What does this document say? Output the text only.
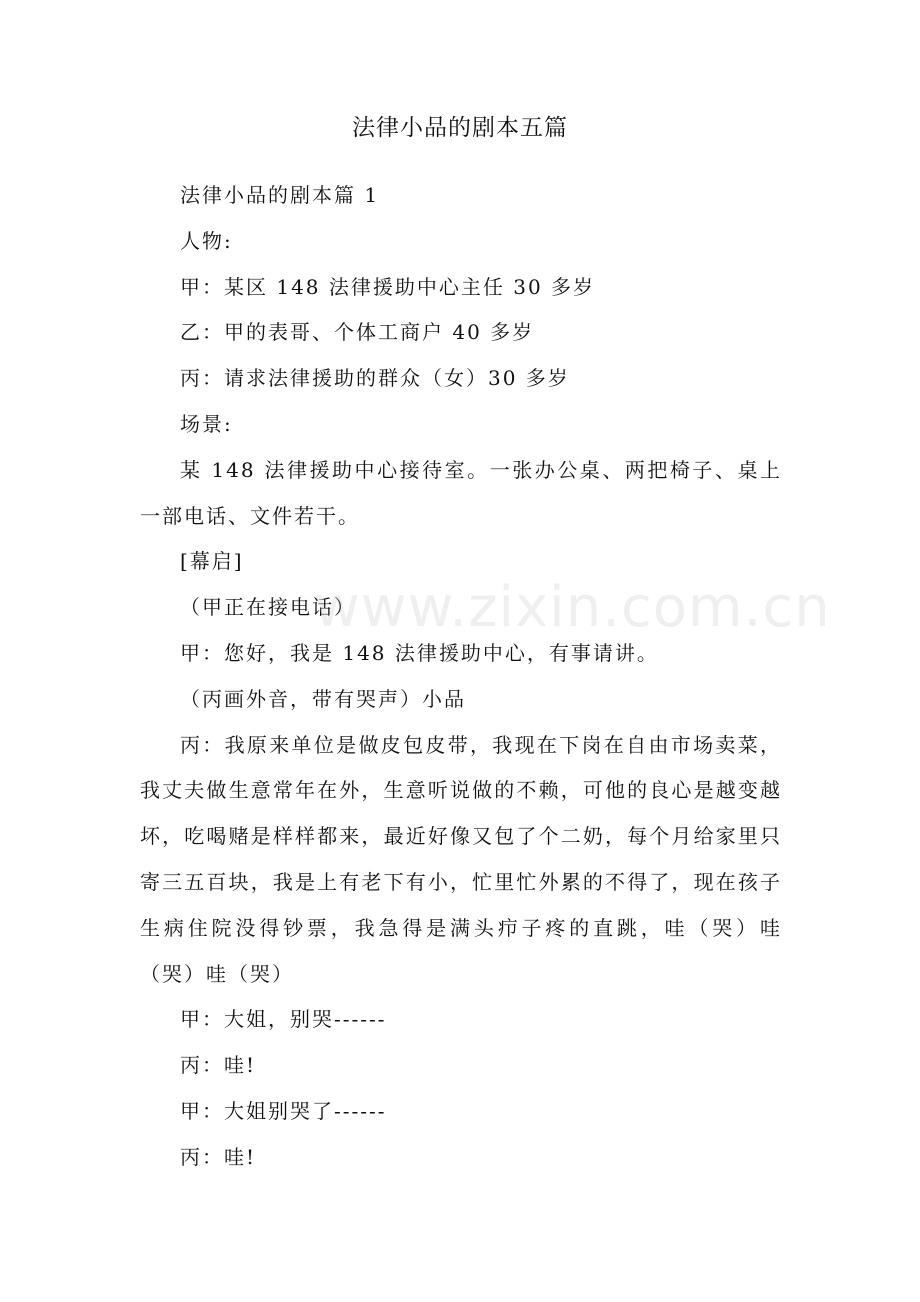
法律小品的剧本五篇

法律小品的剧本篇 1

人物:

甲：某区 148 法律援助中心主任 30 多岁

乙：甲的表哥、个体工商户 40 多岁

丙：请求法律援助的群众（女）30 多岁

场景:

某 148 法律援助中心接待室。一张办公桌、两把椅子、桌上一部电话、文件若干。

[幕启]

（甲正在接电话）

甲：您好，我是 148 法律援助中心，有事请讲。

（丙画外音，带有哭声）小品

丙：我原来单位是做皮包皮带，我现在下岗在自由市场卖菜，我丈夫做生意常年在外，生意听说做的不赖，可他的良心是越变越坏，吃喝赌是样样都来，最近好像又包了个二奶，每个月给家里只寄三五百块，我是上有老下有小，忙里忙外累的不得了，现在孩子生病住院没得钞票，我急得是满头疖子疼的直跳，哇（哭）哇（哭）哇（哭）

甲：大姐，别哭------

丙：哇!

甲：大姐别哭了------

丙：哇!

www.zixin.com.cn
